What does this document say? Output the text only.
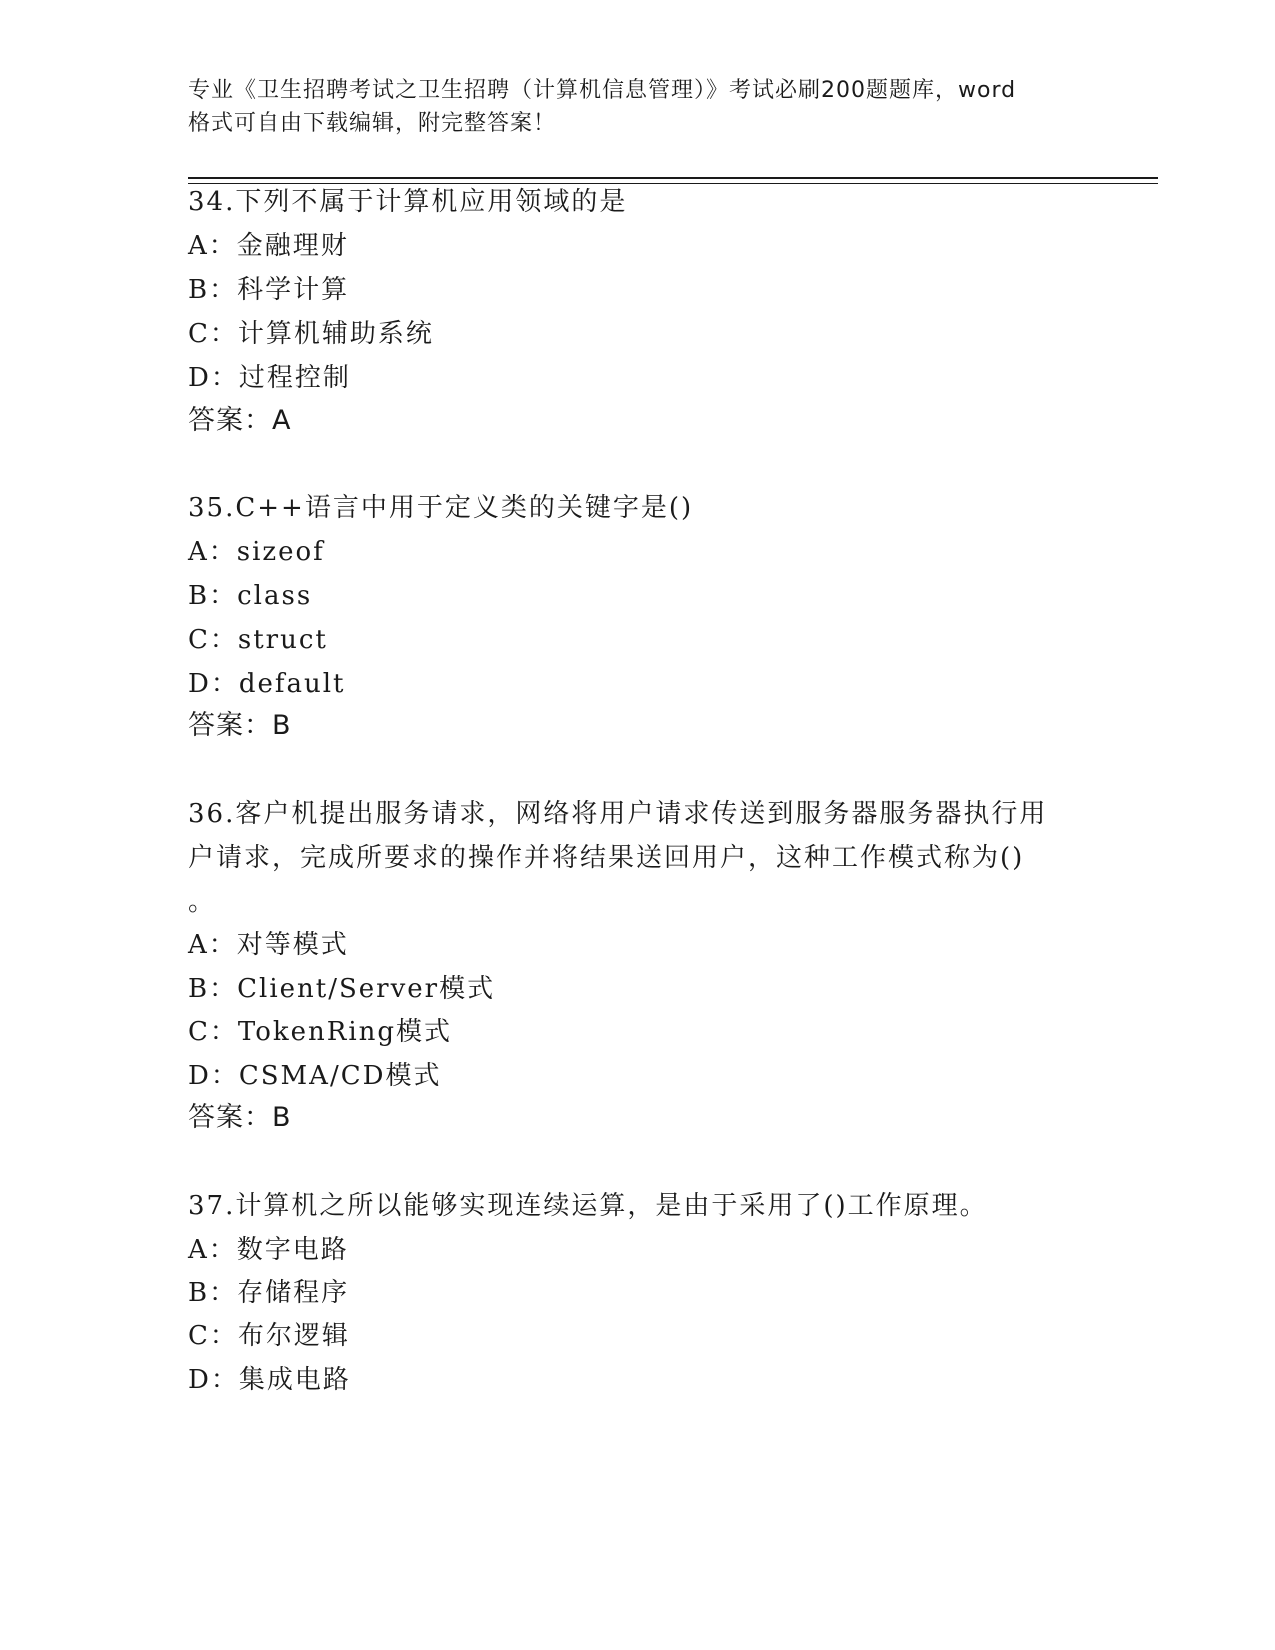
专业《卫生招聘考试之卫生招聘（计算机信息管理）》考试必刷200题题库，word
格式可自由下载编辑，附完整答案！
34.下列不属于计算机应用领域的是
A：金融理财
B：科学计算
C：计算机辅助系统
D：过程控制
答案：A
35.C++语言中用于定义类的关键字是()
A：sizeof
B：class
C：struct
D：default
答案：B
36.客户机提出服务请求，网络将用户请求传送到服务器服务器执行用
户请求，完成所要求的操作并将结果送回用户，这种工作模式称为()
。
A：对等模式
B：Client/Server模式
C：TokenRing模式
D：CSMA/CD模式
答案：B
37.计算机之所以能够实现连续运算，是由于采用了()工作原理。
A：数字电路
B：存储程序
C：布尔逻辑
D：集成电路
